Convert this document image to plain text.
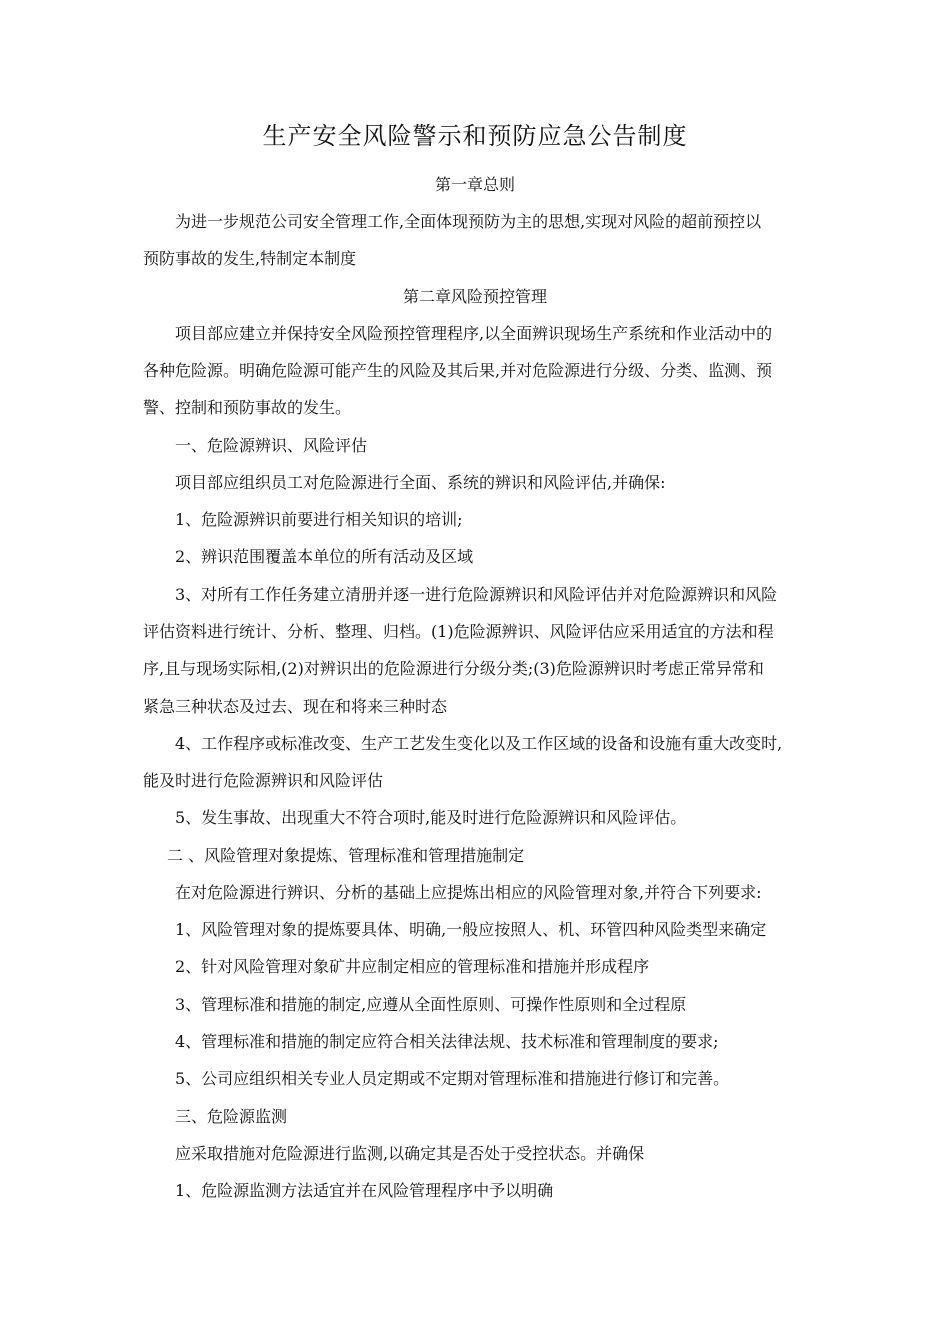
生产安全风险警示和预防应急公告制度
第一章总则
为进一步规范公司安全管理工作,全面体现预防为主的思想,实现对风险的超前预控以
预防事故的发生,特制定本制度
第二章风险预控管理
项目部应建立并保持安全风险预控管理程序,以全面辨识现场生产系统和作业活动中的
各种危险源。明确危险源可能产生的风险及其后果,并对危险源进行分级、分类、监测、预
警、控制和预防事故的发生。
一、危险源辨识、风险评估
项目部应组织员工对危险源进行全面、系统的辨识和风险评估,并确保:
1、危险源辨识前要进行相关知识的培训;
2、辨识范围覆盖本单位的所有活动及区域
3、对所有工作任务建立清册并逐一进行危险源辨识和风险评估并对危险源辨识和风险
评估资料进行统计、分析、整理、归档。(1)危险源辨识、风险评估应采用适宜的方法和程
序,且与现场实际相,(2)对辨识出的危险源进行分级分类;(3)危险源辨识时考虑正常异常和
紧急三种状态及过去、现在和将来三种时态
4、工作程序或标准改变、生产工艺发生变化以及工作区域的设备和设施有重大改变时,
能及时进行危险源辨识和风险评估
5、发生事故、出现重大不符合项时,能及时进行危险源辨识和风险评估。
二 、风险管理对象提炼、管理标准和管理措施制定
在对危险源进行辨识、分析的基础上应提炼出相应的风险管理对象,并符合下列要求:
1、风险管理对象的提炼要具体、明确,一般应按照人、机、环管四种风险类型来确定
2、针对风险管理对象矿井应制定相应的管理标准和措施并形成程序
3、管理标准和措施的制定,应遵从全面性原则、可操作性原则和全过程原
4、管理标准和措施的制定应符合相关法律法规、技术标准和管理制度的要求;
5、公司应组织相关专业人员定期或不定期对管理标准和措施进行修订和完善。
三、危险源监测
应采取措施对危险源进行监测,以确定其是否处于受控状态。并确保
1、危险源监测方法适宜并在风险管理程序中予以明确
